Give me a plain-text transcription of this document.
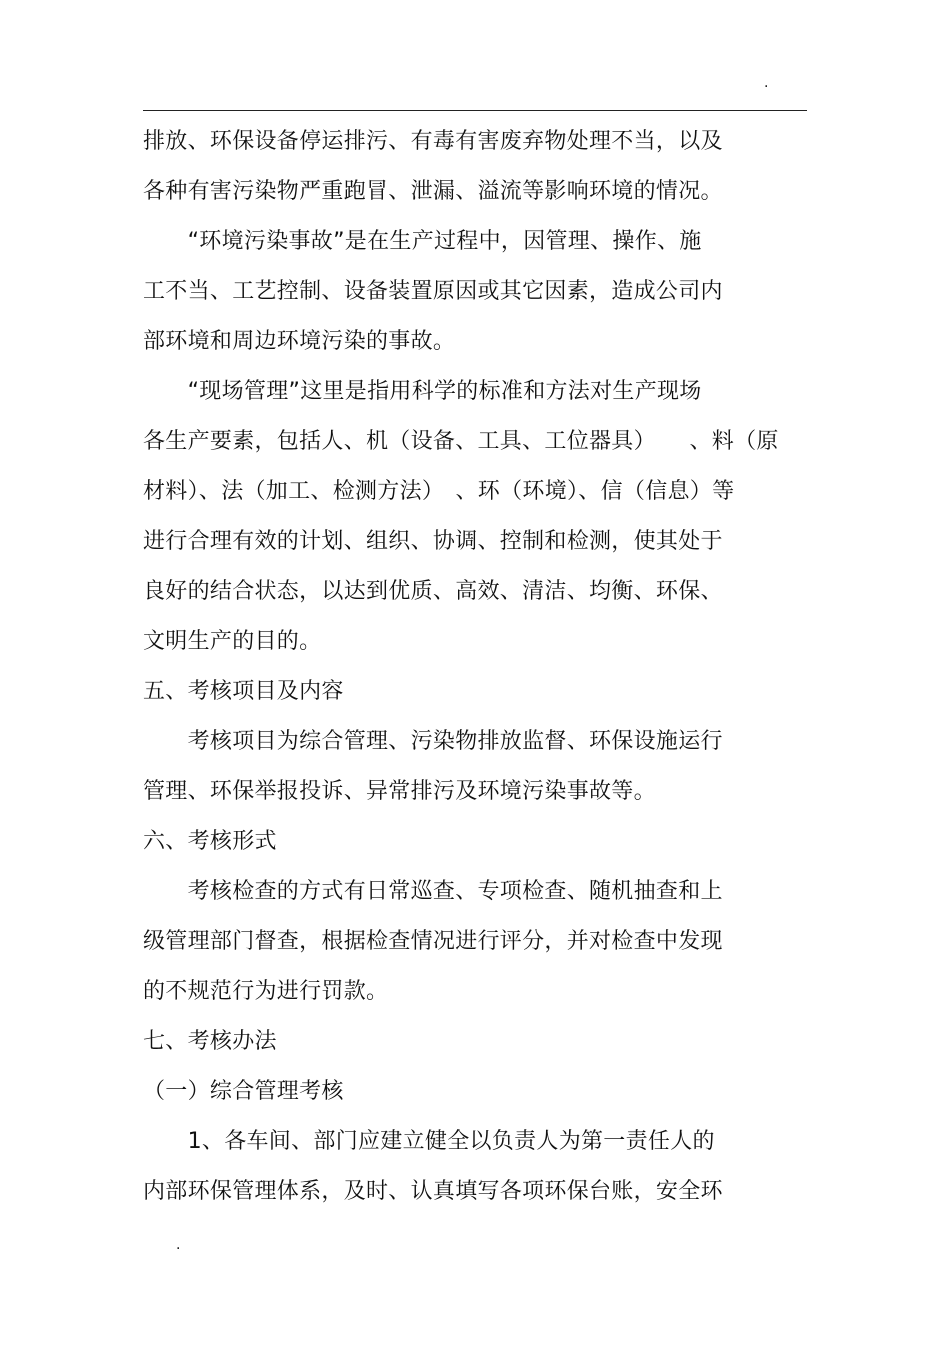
.
排放、环保设备停运排污、有毒有害废弃物处理不当，以及
各种有害污染物严重跑冒、泄漏、溢流等影响环境的情况。
　　“环境污染事故”是在生产过程中，因管理、操作、施
工不当、工艺控制、设备装置原因或其它因素，造成公司内
部环境和周边环境污染的事故。
　　“现场管理”这里是指用科学的标准和方法对生产现场
各生产要素，包括人、机（设备、工具、工位器具）　　、料（原
材料）、法（加工、检测方法）　、环（环境）、信（信息）等
进行合理有效的计划、组织、协调、控制和检测，使其处于
良好的结合状态，以达到优质、高效、清洁、均衡、环保、
文明生产的目的。
五、考核项目及内容
　　考核项目为综合管理、污染物排放监督、环保设施运行
管理、环保举报投诉、异常排污及环境污染事故等。
六、考核形式
　　考核检查的方式有日常巡查、专项检查、随机抽查和上
级管理部门督查，根据检查情况进行评分，并对检查中发现
的不规范行为进行罚款。
七、考核办法
（一）综合管理考核
　　1、各车间、部门应建立健全以负责人为第一责任人的
内部环保管理体系，及时、认真填写各项环保台账，安全环
.
